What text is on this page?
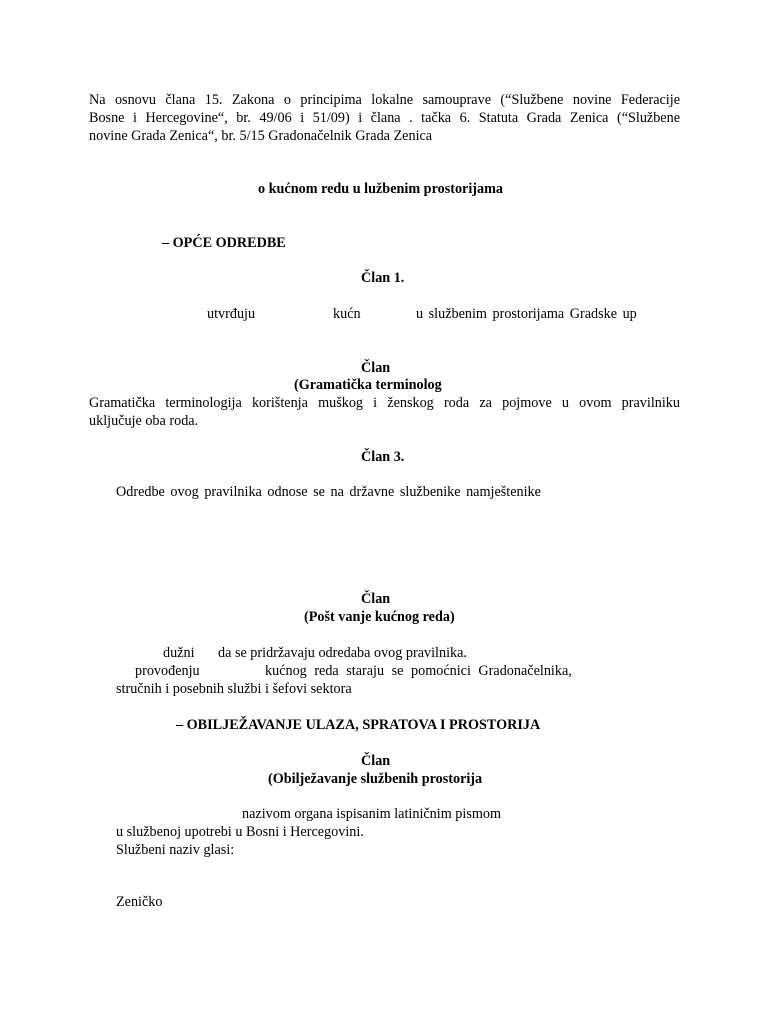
Na osnovu člana 15. Zakona o principima lokalne samouprave (“Službene novine Federacije
Bosne i Hercegovine“, br. 49/06 i 51/09) i člana . tačka 6. Statuta Grada Zenica (“Službene
novine Grada Zenica“, br. 5/15 Gradonačelnik Grada Zenica
o kućnom redu u lužbenim prostorijama
– OPĆE ODREDBE
Član 1.
utvrđuju	kućn	u službenim prostorijama Gradske up
Član
(Gramatička terminolog
Gramatička terminologija korištenja muškog i ženskog roda za pojmove u ovom pravilniku
uključuje oba roda.
Član 3.
Odredbe ovog pravilnika odnose se na državne službenike namještenike
Član
(Pošt vanje kućnog reda)
dužni da se pridržavaju odredaba ovog pravilnika.
provođenju	kućnog reda staraju se pomoćnici Gradonačelnika,
stručnih i posebnih službi i šefovi sektora
– OBILJEŽAVANJE ULAZA, SPRATOVA I PROSTORIJA
Član
(Obilježavanje službenih prostorija
nazivom organa ispisanim latiničnim pismom
u službenoj upotrebi u Bosni i Hercegovini.
Službeni naziv glasi:
Zeničko
